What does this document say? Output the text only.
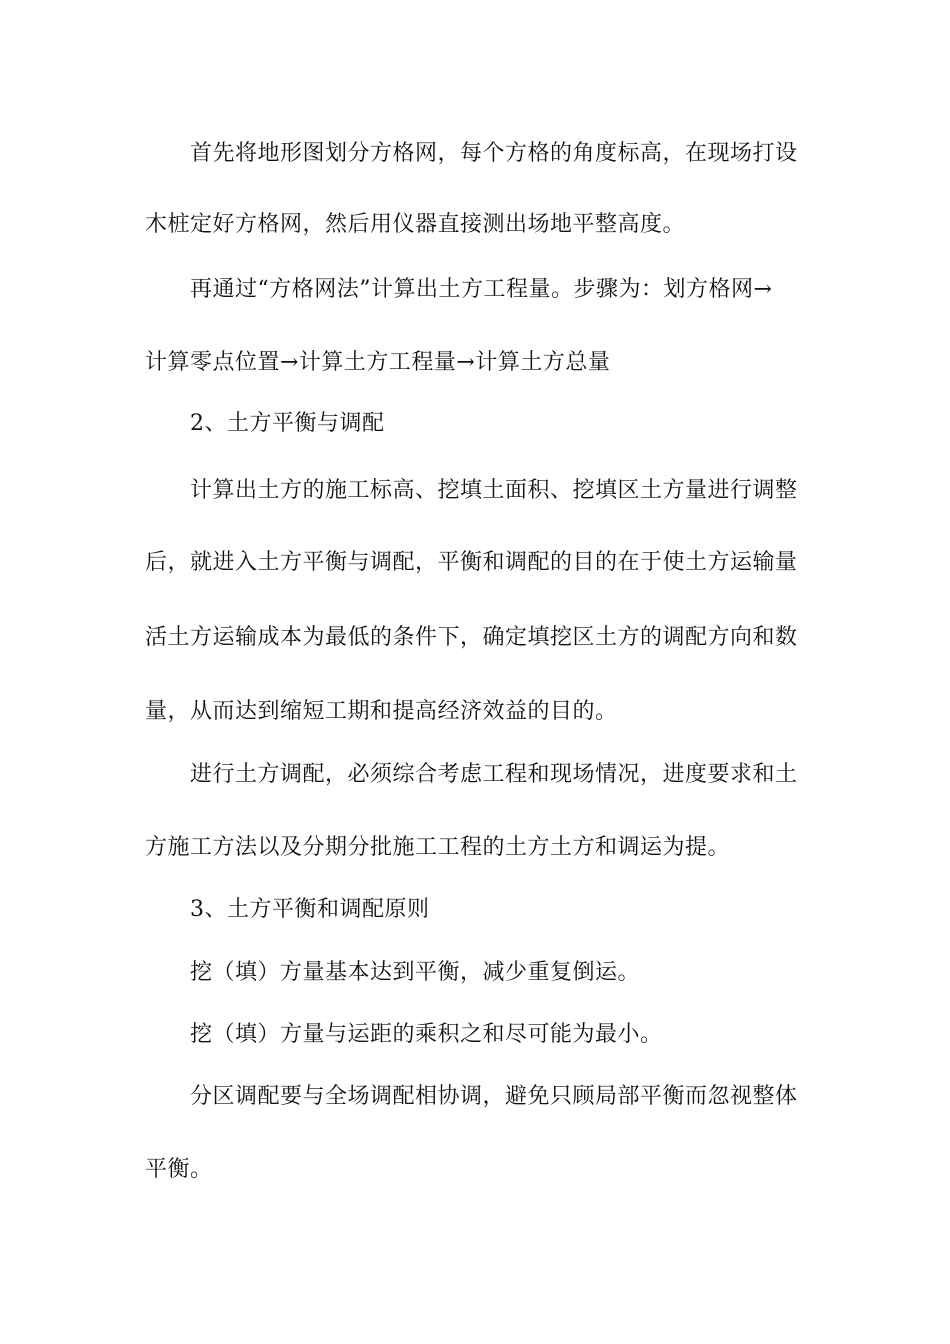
首先将地形图划分方格网，每个方格的角度标高，在现场打设
木桩定好方格网，然后用仪器直接测出场地平整高度。
再通过“方格网法”计算出土方工程量。步骤为：划方格网→
计算零点位置→计算土方工程量→计算土方总量
2、土方平衡与调配
计算出土方的施工标高、挖填土面积、挖填区土方量进行调整
后，就进入土方平衡与调配，平衡和调配的目的在于使土方运输量
活土方运输成本为最低的条件下，确定填挖区土方的调配方向和数
量，从而达到缩短工期和提高经济效益的目的。
进行土方调配，必须综合考虑工程和现场情况，进度要求和土
方施工方法以及分期分批施工工程的土方土方和调运为提。
3、土方平衡和调配原则
挖（填）方量基本达到平衡，减少重复倒运。
挖（填）方量与运距的乘积之和尽可能为最小。
分区调配要与全场调配相协调，避免只顾局部平衡而忽视整体
平衡。
